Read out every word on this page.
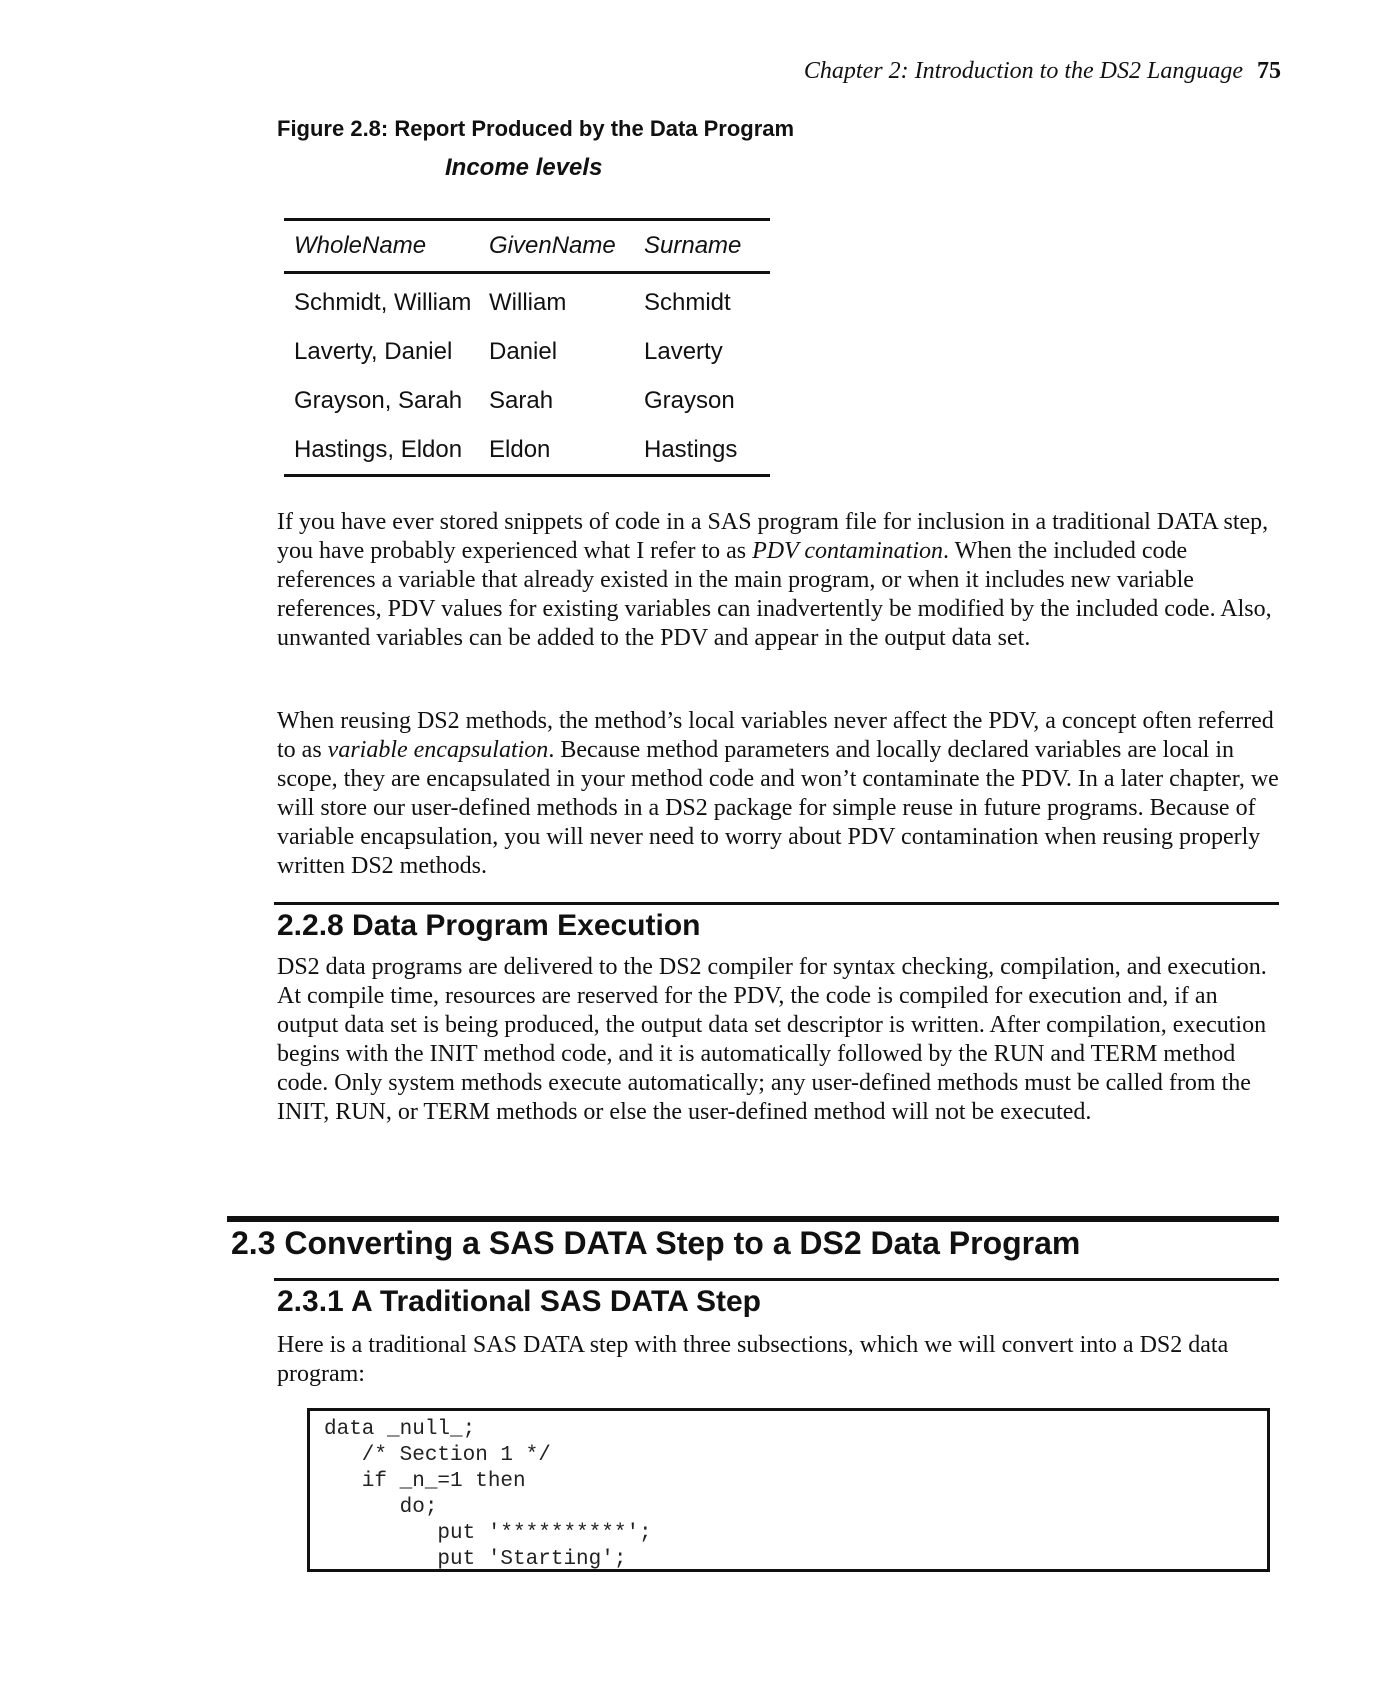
Chapter 2: Introduction to the DS2 Language 75
Figure 2.8: Report Produced by the Data Program
Income levels
WholeName	GivenName	Surname
Schmidt, William	William	Schmidt
Laverty, Daniel	Daniel	Laverty
Grayson, Sarah	Sarah	Grayson
Hastings, Eldon	Eldon	Hastings

If you have ever stored snippets of code in a SAS program file for inclusion in a traditional DATA step, you have probably experienced what I refer to as PDV contamination. When the included code references a variable that already existed in the main program, or when it includes new variable references, PDV values for existing variables can inadvertently be modified by the included code. Also, unwanted variables can be added to the PDV and appear in the output data set.

When reusing DS2 methods, the method’s local variables never affect the PDV, a concept often referred to as variable encapsulation. Because method parameters and locally declared variables are local in scope, they are encapsulated in your method code and won’t contaminate the PDV. In a later chapter, we will store our user-defined methods in a DS2 package for simple reuse in future programs. Because of variable encapsulation, you will never need to worry about PDV contamination when reusing properly written DS2 methods.

2.2.8 Data Program Execution

DS2 data programs are delivered to the DS2 compiler for syntax checking, compilation, and execution. At compile time, resources are reserved for the PDV, the code is compiled for execution and, if an output data set is being produced, the output data set descriptor is written. After compilation, execution begins with the INIT method code, and it is automatically followed by the RUN and TERM method code. Only system methods execute automatically; any user-defined methods must be called from the INIT, RUN, or TERM methods or else the user-defined method will not be executed.

2.3 Converting a SAS DATA Step to a DS2 Data Program
2.3.1 A Traditional SAS DATA Step

Here is a traditional SAS DATA step with three subsections, which we will convert into a DS2 data program:

data _null_;
/* Section 1 */
if _n_=1 then
do;
put '**********';
put 'Starting';
